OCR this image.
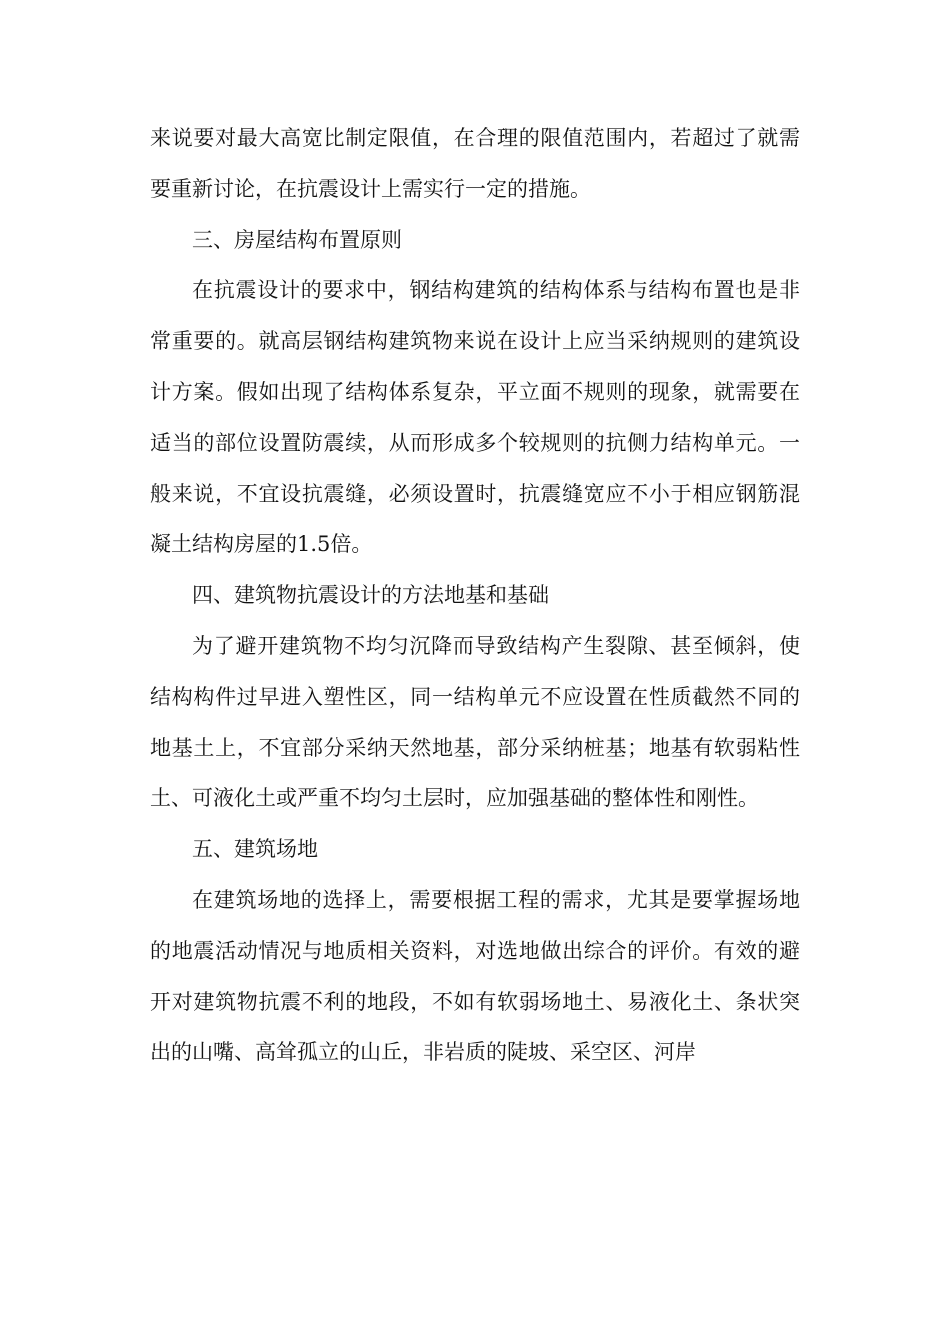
来说要对最大高宽比制定限值，在合理的限值范围内，若超过了就需要重新讨论，在抗震设计上需实行一定的措施。

三、房屋结构布置原则

在抗震设计的要求中，钢结构建筑的结构体系与结构布置也是非常重要的。就高层钢结构建筑物来说在设计上应当采纳规则的建筑设计方案。假如出现了结构体系复杂，平立面不规则的现象，就需要在适当的部位设置防震续，从而形成多个较规则的抗侧力结构单元。一般来说，不宜设抗震缝，必须设置时，抗震缝宽应不小于相应钢筋混凝土结构房屋的1.5倍。

四、建筑物抗震设计的方法地基和基础

为了避开建筑物不均匀沉降而导致结构产生裂隙、甚至倾斜，使结构构件过早进入塑性区，同一结构单元不应设置在性质截然不同的地基土上，不宜部分采纳天然地基，部分采纳桩基；地基有软弱粘性土、可液化土或严重不均匀土层时，应加强基础的整体性和刚性。

五、建筑场地

在建筑场地的选择上，需要根据工程的需求，尤其是要掌握场地的地震活动情况与地质相关资料，对选地做出综合的评价。有效的避开对建筑物抗震不利的地段，不如有软弱场地土、易液化土、条状突出的山嘴、高耸孤立的山丘，非岩质的陡坡、采空区、河岸
